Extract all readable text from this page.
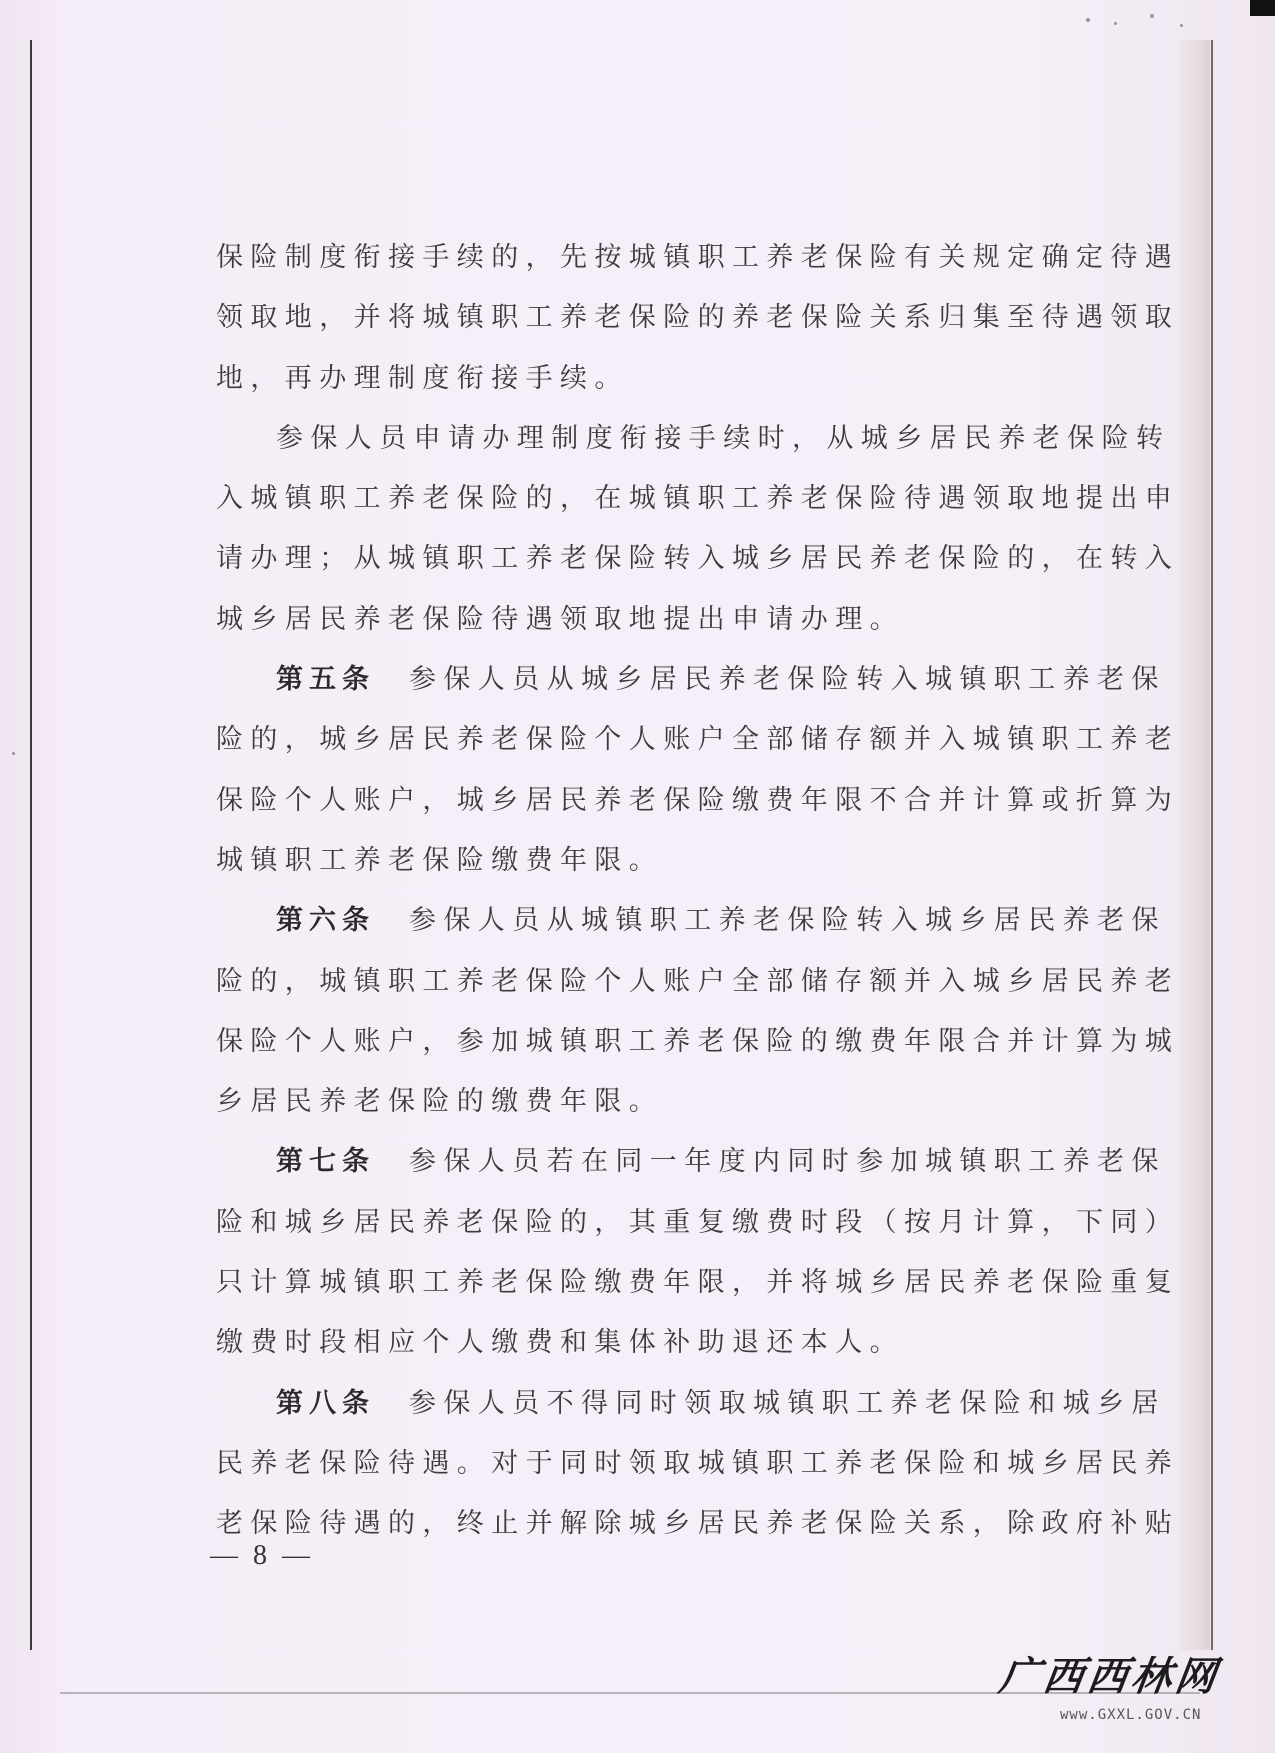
保险制度衔接手续的，先按城镇职工养老保险有关规定确定待遇
领取地，并将城镇职工养老保险的养老保险关系归集至待遇领取
地，再办理制度衔接手续。
参保人员申请办理制度衔接手续时，从城乡居民养老保险转
入城镇职工养老保险的，在城镇职工养老保险待遇领取地提出申
请办理；从城镇职工养老保险转入城乡居民养老保险的，在转入
城乡居民养老保险待遇领取地提出申请办理。
第五条 参保人员从城乡居民养老保险转入城镇职工养老保
险的，城乡居民养老保险个人账户全部储存额并入城镇职工养老
保险个人账户，城乡居民养老保险缴费年限不合并计算或折算为
城镇职工养老保险缴费年限。
第六条 参保人员从城镇职工养老保险转入城乡居民养老保
险的，城镇职工养老保险个人账户全部储存额并入城乡居民养老
保险个人账户，参加城镇职工养老保险的缴费年限合并计算为城
乡居民养老保险的缴费年限。
第七条 参保人员若在同一年度内同时参加城镇职工养老保
险和城乡居民养老保险的，其重复缴费时段（按月计算，下同）
只计算城镇职工养老保险缴费年限，并将城乡居民养老保险重复
缴费时段相应个人缴费和集体补助退还本人。
第八条 参保人员不得同时领取城镇职工养老保险和城乡居
民养老保险待遇。对于同时领取城镇职工养老保险和城乡居民养
老保险待遇的，终止并解除城乡居民养老保险关系，除政府补贴
— 8 —
广西西林网
www.GXXL.GOV.CN
